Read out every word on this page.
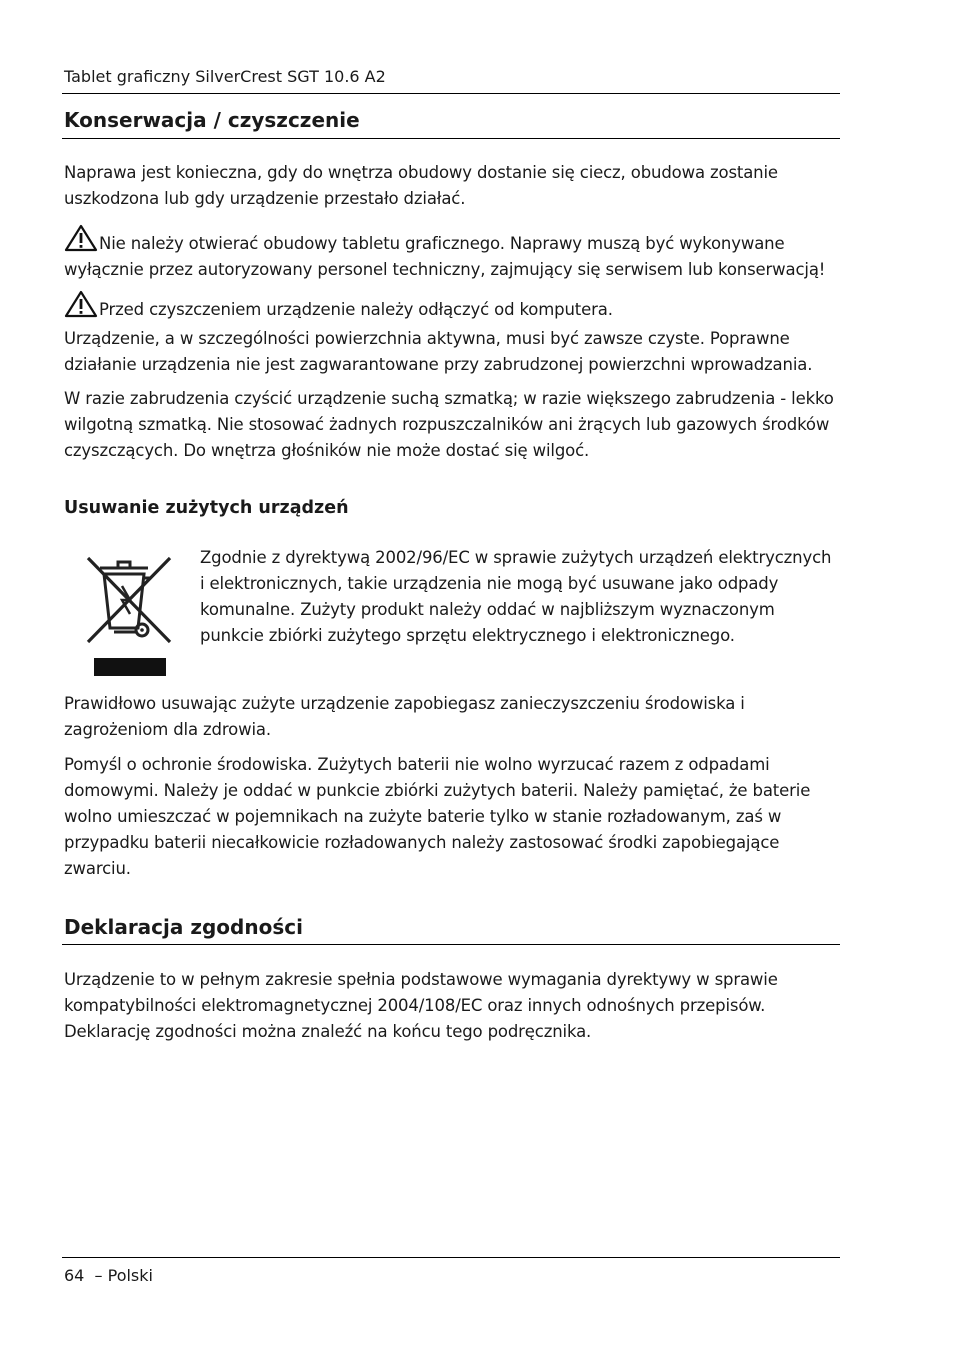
Tablet graficzny SilverCrest SGT 10.6 A2
Konserwacja / czyszczenie

Naprawa jest konieczna, gdy do wnętrza obudowy dostanie się ciecz, obudowa zostanie uszkodzona lub gdy urządzenie przestało działać.

Nie należy otwierać obudowy tabletu graficznego. Naprawy muszą być wykonywane wyłącznie przez autoryzowany personel techniczny, zajmujący się serwisem lub konserwacją!

Przed czyszczeniem urządzenie należy odłączyć od komputera.

Urządzenie, a w szczególności powierzchnia aktywna, musi być zawsze czyste. Poprawne działanie urządzenia nie jest zagwarantowane przy zabrudzonej powierzchni wprowadzania.

W razie zabrudzenia czyścić urządzenie suchą szmatką; w razie większego zabrudzenia - lekko wilgotną szmatką. Nie stosować żadnych rozpuszczalników ani żrących lub gazowych środków czyszczących. Do wnętrza głośników nie może dostać się wilgoć.

Usuwanie zużytych urządzeń

Zgodnie z dyrektywą 2002/96/EC w sprawie zużytych urządzeń elektrycznych i elektronicznych, takie urządzenia nie mogą być usuwane jako odpady komunalne. Zużyty produkt należy oddać w najbliższym wyznaczonym punkcie zbiórki zużytego sprzętu elektrycznego i elektronicznego.

Prawidłowo usuwając zużyte urządzenie zapobiegasz zanieczyszczeniu środowiska i zagrożeniom dla zdrowia.

Pomyśl o ochronie środowiska. Zużytych baterii nie wolno wyrzucać razem z odpadami domowymi. Należy je oddać w punkcie zbiórki zużytych baterii. Należy pamiętać, że baterie wolno umieszczać w pojemnikach na zużyte baterie tylko w stanie rozładowanym, zaś w przypadku baterii niecałkowicie rozładowanych należy zastosować środki zapobiegające zwarciu.

Deklaracja zgodności

Urządzenie to w pełnym zakresie spełnia podstawowe wymagania dyrektywy w sprawie kompatybilności elektromagnetycznej 2004/108/EC oraz innych odnośnych przepisów. Deklarację zgodności można znaleźć na końcu tego podręcznika.

64  – Polski
